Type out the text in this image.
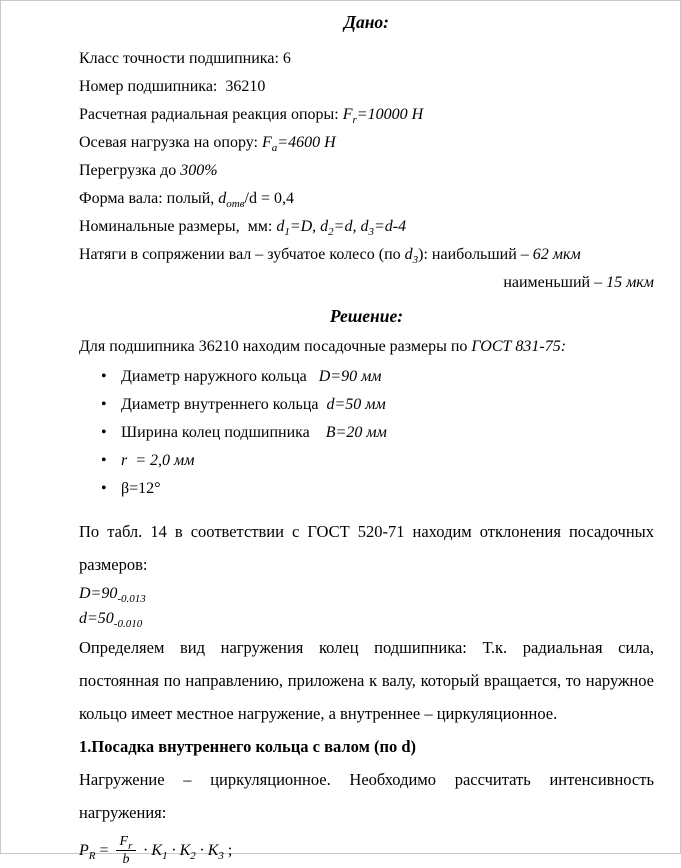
Дано:

Класс точности подшипника: 6

Номер подшипника:  36210

Расчетная радиальная реакция опоры: $F_r=10000$ Н

Осевая нагрузка на опору: $F_a=4600$ Н

Перегрузка до 300%

Форма вала: полый, $d_{отв}/d = 0,4$

Номинальные размеры,  мм: $d_1=D$, $d_2=d$, $d_3=d-4$

Натяги в сопряжении вал – зубчатое колесо (по $d_3$): наибольший – 62 мкм

наименьший – 15 мкм

Решение:

Для подшипника 36210 находим посадочные размеры по ГОСТ 831-75:

• Диаметр наружного кольца   D=90 мм
• Диаметр внутреннего кольца  d=50 мм
• Ширина колец подшипника    B=20 мм
• r  = 2,0 мм
• β=12°

По табл. 14 в соответствии с ГОСТ 520-71 находим отклонения посадочных размеров:

$D=90_{-0.013}$

$d=50_{-0.010}$

Определяем вид нагружения колец подшипника: Т.к. радиальная сила, постоянная по направлению, приложена к валу, который вращается, то наружное кольцо имеет местное нагружение, а внутреннее – циркуляционное.

1.Посадка внутреннего кольца с валом (по d)

Нагружение – циркуляционное. Необходимо рассчитать интенсивность нагружения:

$P_R = \frac{F_r}{b} \cdot K_1 \cdot K_2 \cdot K_3$ ;
